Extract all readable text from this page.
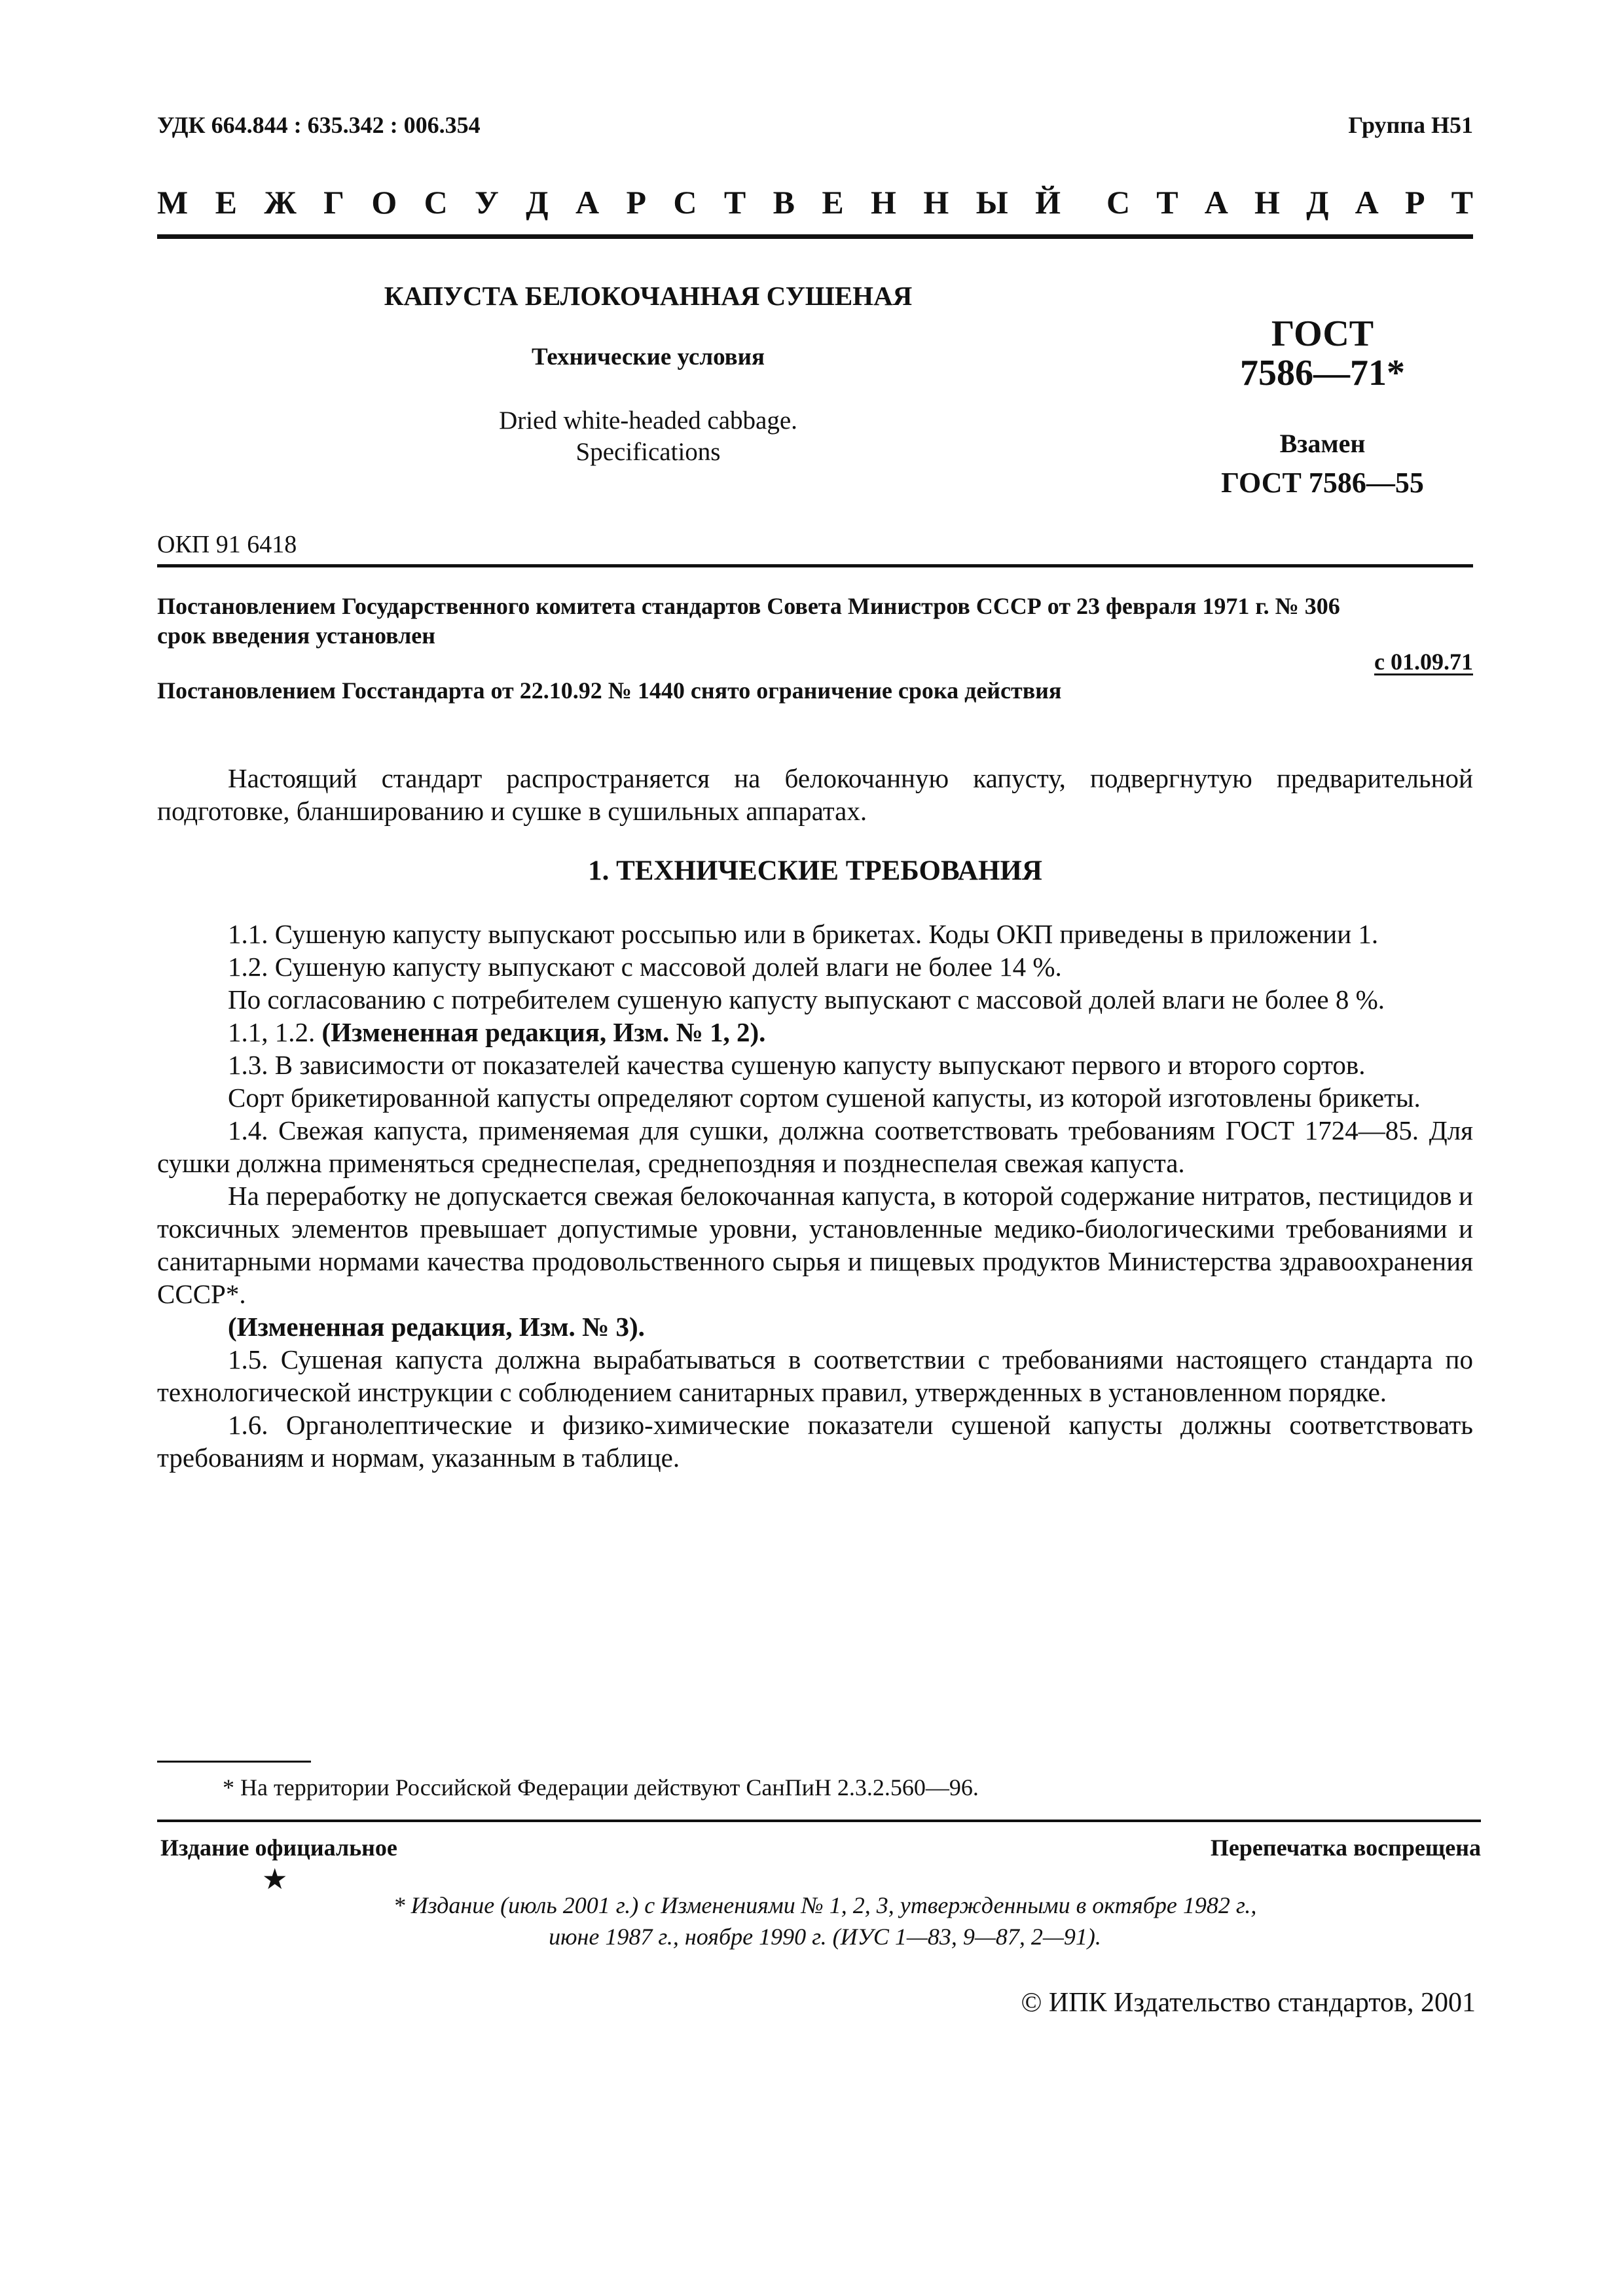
УДК 664.844 : 635.342 : 006.354	Группа Н51
М Е Ж Г О С У Д А Р С Т В Е Н Н Ы Й С Т А Н Д А Р Т
КАПУСТА БЕЛОКОЧАННАЯ СУШЕНАЯ
Технические условия
Dried white-headed cabbage.
Specifications
ГОСТ
7586—71*
Взамен
ГОСТ 7586—55
ОКП 91 6418
Постановлением Государственного комитета стандартов Совета Министров СССР от 23 февраля 1971 г. № 306
срок введения установлен
с 01.09.71
Постановлением Госстандарта от 22.10.92 № 1440 снято ограничение срока действия

Настоящий стандарт распространяется на белокочанную капусту, подвергнутую предварительной подготовке, бланшированию и сушке в сушильных аппаратах.

1. ТЕХНИЧЕСКИЕ ТРЕБОВАНИЯ

1.1. Сушеную капусту выпускают россыпью или в брикетах. Коды ОКП приведены в приложении 1.

1.2. Сушеную капусту выпускают с массовой долей влаги не более 14 %.

По согласованию с потребителем сушеную капусту выпускают с массовой долей влаги не более 8 %.

1.1, 1.2. (Измененная редакция, Изм. № 1, 2).

1.3. В зависимости от показателей качества сушеную капусту выпускают первого и второго сортов.

Сорт брикетированной капусты определяют сортом сушеной капусты, из которой изготовлены брикеты.

1.4. Свежая капуста, применяемая для сушки, должна соответствовать требованиям ГОСТ 1724—85. Для сушки должна применяться среднеспелая, среднепоздняя и позднеспелая свежая капуста.

На переработку не допускается свежая белокочанная капуста, в которой содержание нитратов, пестицидов и токсичных элементов превышает допустимые уровни, установленные медико-биологическими требованиями и санитарными нормами качества продовольственного сырья и пищевых продуктов Министерства здравоохранения СССР*.

(Измененная редакция, Изм. № 3).

1.5. Сушеная капуста должна вырабатываться в соответствии с требованиями настоящего стандарта по технологической инструкции с соблюдением санитарных правил, утвержденных в установленном порядке.

1.6. Органолептические и физико-химические показатели сушеной капусты должны соответствовать требованиям и нормам, указанным в таблице.

* На территории Российской Федерации действуют СанПиН 2.3.2.560—96.
Издание официальное	Перепечатка воспрещена
★
* Издание (июль 2001 г.) с Изменениями № 1, 2, 3, утвержденными в октябре 1982 г.,
июне 1987 г., ноябре 1990 г. (ИУС 1—83, 9—87, 2—91).
© ИПК Издательство стандартов, 2001
